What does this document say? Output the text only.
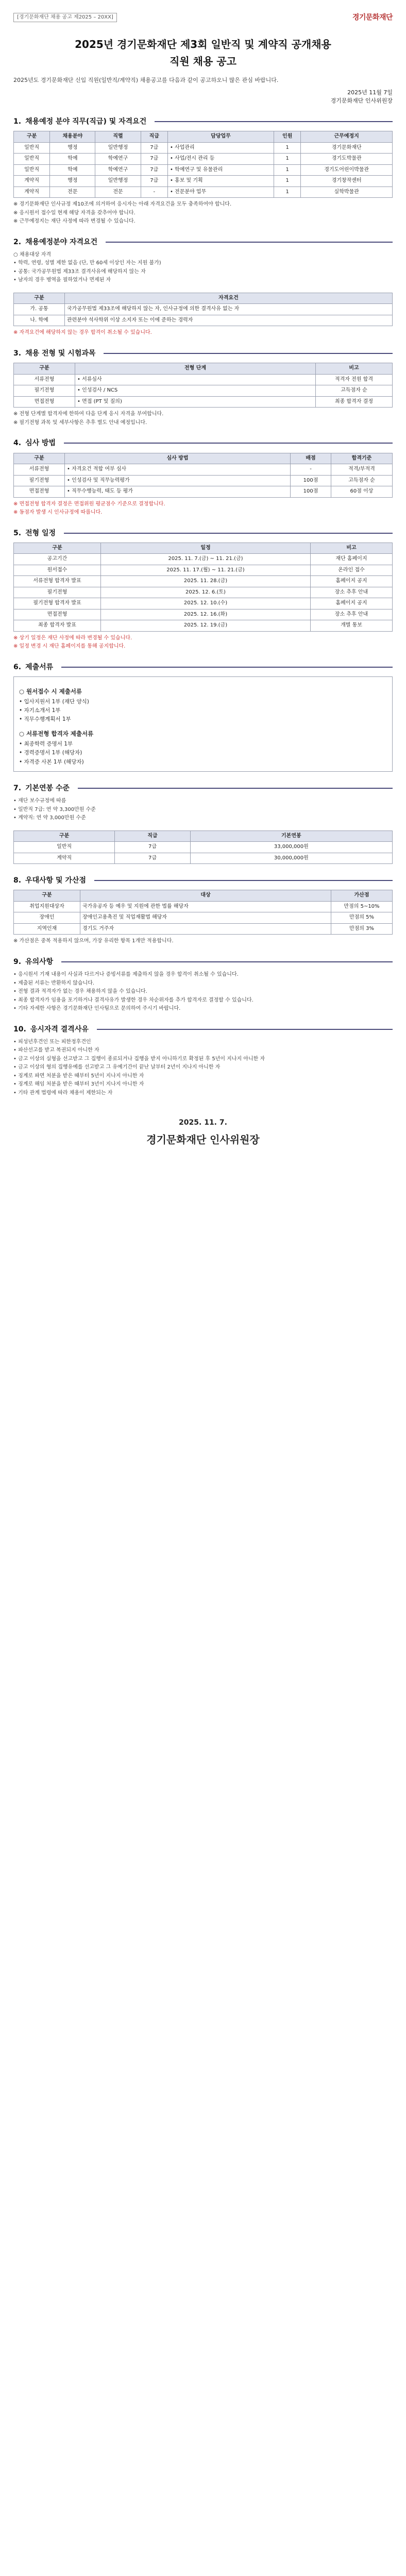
[경기문화재단 채용 공고 제2025 – 20XX]	경기문화재단
2025년 경기문화재단 제3회 일반직 및 계약직 공개채용
직원 채용 공고
2025년도 경기문화재단 신입 직원(일반직/계약직) 채용공고를 다음과 같이 공고하오니 많은 관심 바랍니다.
2025년 11월 7일
경기문화재단 인사위원장
1. 채용예정 분야 직무(직급) 및 자격요건
구분	채용분야	직렬	직급	담당업무	인원	근무예정지
일반직	행정	일반행정	7급	• 사업관리	1	경기문화재단
일반직	학예	학예연구	7급	• 사업/전시 관리 등	1	경기도박물관
일반직	학예	학예연구	7급	• 학예연구 및 유물관리	1	경기도어린이박물관
계약직	행정	일반행정	7급	• 홍보 및 기획	1	경기창작센터
계약직	전문	전문	-	• 전문분야 업무	1	실학박물관

※ 경기문화재단 인사규정 제10조에 의거하여 응시자는 아래 자격요건을 모두 충족하여야 합니다.

※ 응시원서 접수일 현재 해당 자격을 갖추어야 합니다.

※ 근무예정지는 재단 사정에 따라 변경될 수 있습니다.

2. 채용예정분야 자격요건

○ 채용대상 자격

• 학력, 연령, 성별 제한 없음 (단, 만 60세 이상인 자는 지원 불가)

• 공통: 국가공무원법 제33조 결격사유에 해당하지 않는 자

• 남자의 경우 병역을 필하였거나 면제된 자

구분	자격요건
가. 공통	국가공무원법 제33조에 해당하지 않는 자, 인사규정에 의한 결격사유 없는 자
나. 학예	관련분야 석사학위 이상 소지자 또는 이에 준하는 경력자
※ 자격요건에 해당하지 않는 경우 합격이 취소될 수 있습니다.
3. 채용 전형 및 시험과목
구분	전형 단계	비고
서류전형	• 서류심사	적격자 전원 합격
필기전형	• 인성검사 / NCS	고득점자 순
면접전형	• 면접 (PT 및 질의)	최종 합격자 결정

※ 전형 단계별 합격자에 한하여 다음 단계 응시 자격을 부여합니다.

※ 필기전형 과목 및 세부사항은 추후 별도 안내 예정입니다.

4. 심사 방법
구분	심사 방법	배점	합격기준
서류전형	• 자격요건 적합 여부 심사	-	적격/부적격
필기전형	• 인성검사 및 직무능력평가	100점	고득점자 순
면접전형	• 직무수행능력, 태도 등 평가	100점	60점 이상

※ 면접전형 합격자 결정은 면접위원 평균점수 기준으로 결정합니다.

※ 동점자 발생 시 인사규정에 따릅니다.

5. 전형 일정
구분	일정	비고
공고기간	2025. 11. 7.(금) ~ 11. 21.(금)	재단 홈페이지
원서접수	2025. 11. 17.(월) ~ 11. 21.(금)	온라인 접수
서류전형 합격자 발표	2025. 11. 28.(금)	홈페이지 공지
필기전형	2025. 12. 6.(토)	장소 추후 안내
필기전형 합격자 발표	2025. 12. 10.(수)	홈페이지 공지
면접전형	2025. 12. 16.(화)	장소 추후 안내
최종 합격자 발표	2025. 12. 19.(금)	개별 통보

※ 상기 일정은 재단 사정에 따라 변경될 수 있습니다.

※ 일정 변경 시 재단 홈페이지를 통해 공지합니다.

6. 제출서류
○ 원서접수 시 제출서류

• 입사지원서 1부 (재단 양식)

• 자기소개서 1부

• 직무수행계획서 1부

○ 서류전형 합격자 제출서류

• 최종학력 증명서 1부

• 경력증명서 1부 (해당자)

• 자격증 사본 1부 (해당자)

7. 기본연봉 수준

• 재단 보수규정에 따름

• 일반직 7급: 연 약 3,300만원 수준

• 계약직: 연 약 3,000만원 수준

구분	직급	기본연봉
일반직	7급	33,000,000원
계약직	7급	30,000,000원
8. 우대사항 및 가산점
구분	대상	가산점
취업지원대상자	국가유공자 등 예우 및 지원에 관한 법률 해당자	만점의 5~10%
장애인	장애인고용촉진 및 직업재활법 해당자	만점의 5%
지역인재	경기도 거주자	만점의 3%

※ 가산점은 중복 적용하지 않으며, 가장 유리한 항목 1개만 적용합니다.

9. 유의사항

• 응시원서 기재 내용이 사실과 다르거나 증빙서류를 제출하지 않을 경우 합격이 취소될 수 있습니다.

• 제출된 서류는 반환하지 않습니다.

• 전형 결과 적격자가 없는 경우 채용하지 않을 수 있습니다.

• 최종 합격자가 임용을 포기하거나 결격사유가 발생한 경우 차순위자를 추가 합격자로 결정할 수 있습니다.

• 기타 자세한 사항은 경기문화재단 인사팀으로 문의하여 주시기 바랍니다.

10. 응시자격 결격사유

• 피성년후견인 또는 피한정후견인

• 파산선고를 받고 복권되지 아니한 자

• 금고 이상의 실형을 선고받고 그 집행이 종료되거나 집행을 받지 아니하기로 확정된 후 5년이 지나지 아니한 자

• 금고 이상의 형의 집행유예를 선고받고 그 유예기간이 끝난 날부터 2년이 지나지 아니한 자

• 징계로 파면 처분을 받은 때부터 5년이 지나지 아니한 자

• 징계로 해임 처분을 받은 때부터 3년이 지나지 아니한 자

• 기타 관계 법령에 따라 채용이 제한되는 자

2025. 11. 7.
경기문화재단 인사위원장
